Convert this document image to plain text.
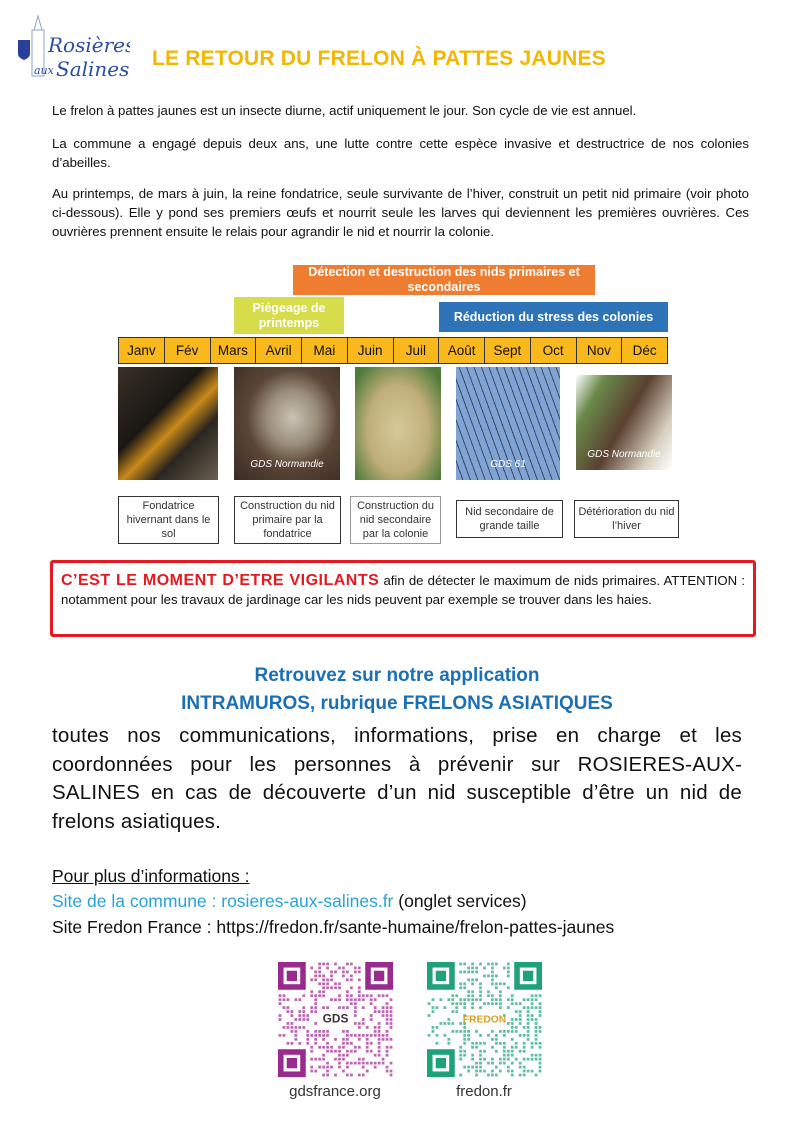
Rosières
aux Salines LE RETOUR DU FRELON À PATTES JAUNES

Le frelon à pattes jaunes est un insecte diurne, actif uniquement le jour. Son cycle de vie est annuel.

La commune a engagé depuis deux ans, une lutte contre cette espèce invasive et destructrice de nos colonies d’abeilles.

Au printemps, de mars à juin, la reine fondatrice, seule survivante de l’hiver, construit un petit nid primaire (voir photo ci-dessous). Elle y pond ses premiers œufs et nourrit seule les larves qui deviennent les premières ouvrières. Ces ouvrières prennent ensuite le relais pour agrandir le nid et nourrir la colonie.

Détection et destruction des nids primaires et secondaires
Piégeage de printemps	Réduction du stress des colonies
Janv	Fév	Mars	Avril	Mai	Juin	Juil	Août	Sept	Oct	Nov	Déc
GDS Normandie	GDS 61
GDS Normandie
Fondatrice hivernant dans le sol
Construction du nid primaire par la fondatrice
Construction du nid secondaire par la colonie
Nid secondaire de grande taille
Détérioration du nid l’hiver
C’EST LE MOMENT D’ETRE VIGILANTS afin de détecter le maximum de nids primaires. ATTENTION : notamment pour les travaux de jardinage car les nids peuvent par exemple se trouver dans les haies.
Retrouvez sur notre application
INTRAMUROS, rubrique FRELONS ASIATIQUES
toutes nos communications, informations, prise en charge et les coordonnées pour les personnes à prévenir sur ROSIERES-AUX-SALINES en cas de découverte d’un nid susceptible d’être un nid de frelons asiatiques.
Pour plus d’informations :
Site de la commune : rosieres-aux-salines.fr (onglet services)
Site Fredon France : https://fredon.fr/sante-humaine/frelon-pattes-jaunes
GDS	FREDON
gdsfrance.org	fredon.fr
